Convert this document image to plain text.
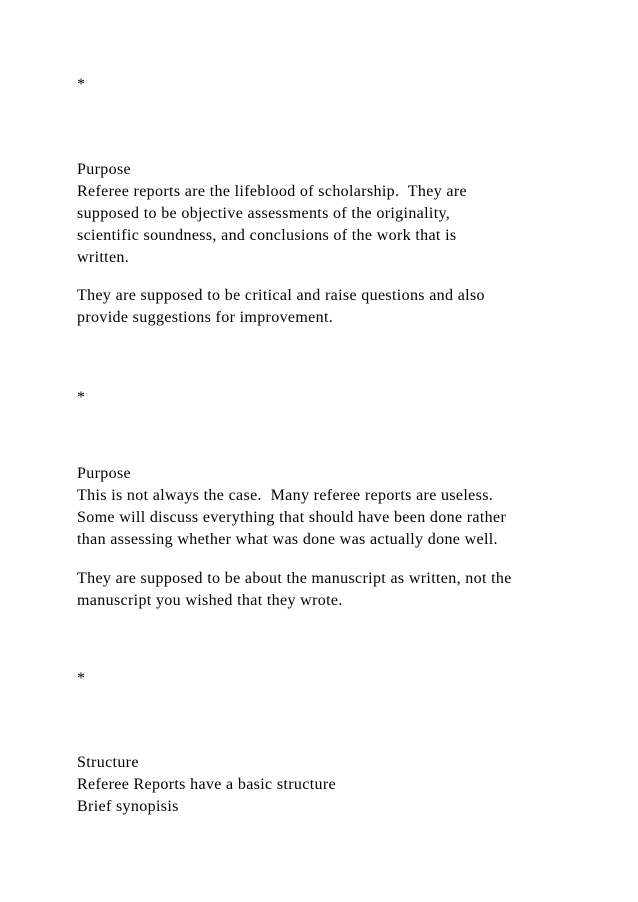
*
Purpose
Referee reports are the lifeblood of scholarship.  They are
supposed to be objective assessments of the originality,
scientific soundness, and conclusions of the work that is
written.
They are supposed to be critical and raise questions and also
provide suggestions for improvement.
*
Purpose
This is not always the case.  Many referee reports are useless.
Some will discuss everything that should have been done rather
than assessing whether what was done was actually done well.
They are supposed to be about the manuscript as written, not the
manuscript you wished that they wrote.
*
Structure
Referee Reports have a basic structure
Brief synopisis
